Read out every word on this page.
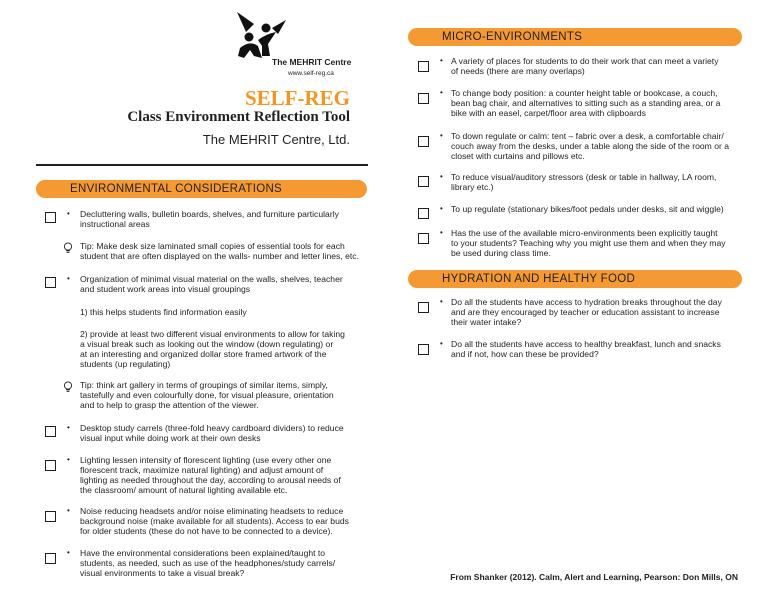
The MEHRIT Centre
www.self-reg.ca
SELF-REG
Class Environment Reflection Tool
The MEHRIT Centre, Ltd.
ENVIRONMENTAL CONSIDERATIONS
• Decluttering walls, bulletin boards, shelves, and furniture particularly
instructional areas
Tip: Make desk size laminated small copies of essential tools for each
student that are often displayed on the walls- number and letter lines, etc.
• Organization of minimal visual material on the walls, shelves, teacher
and student work areas into visual groupings
1) this helps students find information easily
2) provide at least two different visual environments to allow for taking
a visual break such as looking out the window (down regulating) or
at an interesting and organized dollar store framed artwork of the
students (up regulating)
Tip: think art gallery in terms of groupings of similar items, simply,
tastefully and even colourfully done, for visual pleasure, orientation
and to help to grasp the attention of the viewer.
• Desktop study carrels (three-fold heavy cardboard dividers) to reduce
visual input while doing work at their own desks
• Lighting lessen intensity of florescent lighting (use every other one
florescent track, maximize natural lighting) and adjust amount of
lighting as needed throughout the day, according to arousal needs of
the classroom/ amount of natural lighting available etc.
• Noise reducing headsets and/or noise eliminating headsets to reduce
background noise (make available for all students). Access to ear buds
for older students (these do not have to be connected to a device).
• Have the environmental considerations been explained/taught to
students, as needed, such as use of the headphones/study carrels/
visual environments to take a visual break?
MICRO-ENVIRONMENTS
• A variety of places for students to do their work that can meet a variety
of needs (there are many overlaps)
• To change body position: a counter height table or bookcase, a couch,
bean bag chair, and alternatives to sitting such as a standing area, or a
bike with an easel, carpet/floor area with clipboards
• To down regulate or calm: tent – fabric over a desk, a comfortable chair/
couch away from the desks, under a table along the side of the room or a
closet with curtains and pillows etc.
• To reduce visual/auditory stressors (desk or table in hallway, LA room,
library etc.)
• To up regulate (stationary bikes/foot pedals under desks, sit and wiggle)
• Has the use of the available micro-environments been explicitly taught
to your students? Teaching why you might use them and when they may
be used during class time.
HYDRATION AND HEALTHY FOOD
• Do all the students have access to hydration breaks throughout the day
and are they encouraged by teacher or education assistant to increase
their water intake?
• Do all the students have access to healthy breakfast, lunch and snacks
and if not, how can these be provided?
From Shanker (2012). Calm, Alert and Learning, Pearson: Don Mills, ON
